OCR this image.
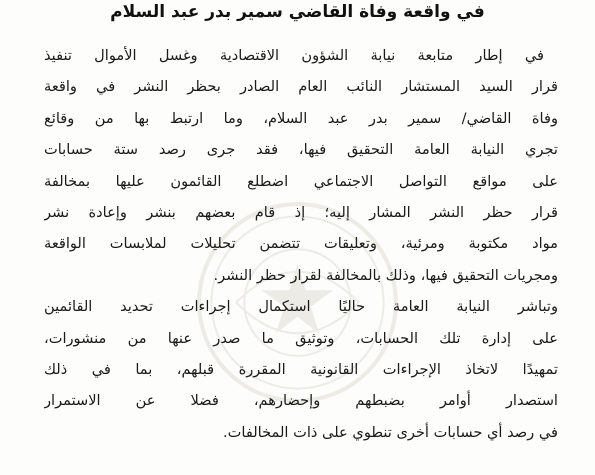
في واقعة وفاة القاضي سمير بدر عبد السلام
في إطار متابعة نيابة الشؤون الاقتصادية وغسل الأموال تنفيذ
قرار السيد المستشار النائب العام الصادر بحظر النشر في واقعة
وفاة القاضي/ سمير بدر عبد السلام، وما ارتبط بها من وقائع
تجري النيابة العامة التحقيق فيها، فقد جرى رصد ستة حسابات
على مواقع التواصل الاجتماعي اضطلع القائمون عليها بمخالفة
قرار حظر النشر المشار إليه؛ إذ قام بعضهم بنشر وإعادة نشر
مواد مكتوبة ومرئية، وتعليقات تتضمن تحليلات لملابسات الواقعة
ومجريات التحقيق فيها، وذلك بالمخالفة لقرار حظر النشر.
وتباشر النيابة العامة حاليًا استكمال إجراءات تحديد القائمين
على إدارة تلك الحسابات، وتوثيق ما صدر عنها من منشورات،
تمهيدًا لاتخاذ الإجراءات القانونية المقررة قبلهم، بما في ذلك
استصدار أوامر بضبطهم وإحضارهم، فضلا عن الاستمرار
في رصد أي حسابات أخرى تنطوي على ذات المخالفات.
